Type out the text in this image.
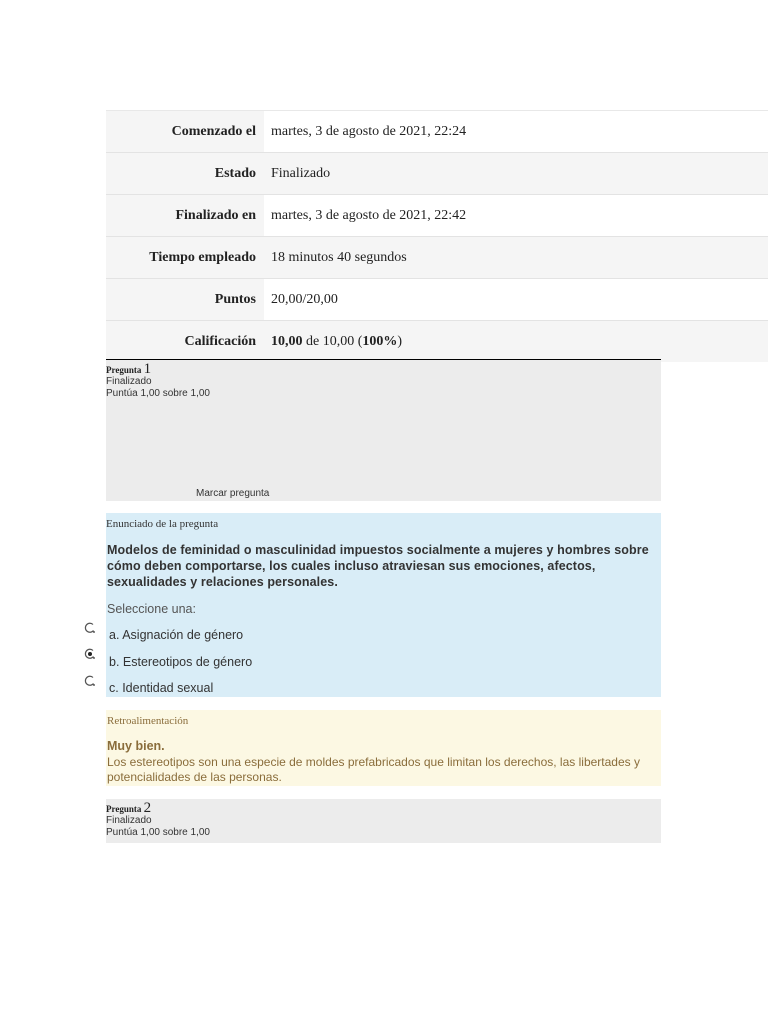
Comenzado el	martes, 3 de agosto de 2021, 22:24
Estado	Finalizado
Finalizado en	martes, 3 de agosto de 2021, 22:42
Tiempo empleado	18 minutos 40 segundos
Puntos	20,00/20,00
Calificación	10,00 de 10,00 (100%)
Pregunta 1
Finalizado
Puntúa 1,00 sobre 1,00
Marcar pregunta
Enunciado de la pregunta
Modelos de feminidad o masculinidad impuestos socialmente a mujeres y hombres sobre cómo deben comportarse, los cuales incluso atraviesan sus emociones, afectos, sexualidades y relaciones personales.
Seleccione una:
a. Asignación de género
b. Estereotipos de género
c. Identidad sexual
Retroalimentación
Muy bien.
Los estereotipos son una especie de moldes prefabricados que limitan los derechos, las libertades y potencialidades de las personas.
Pregunta 2
Finalizado
Puntúa 1,00 sobre 1,00
